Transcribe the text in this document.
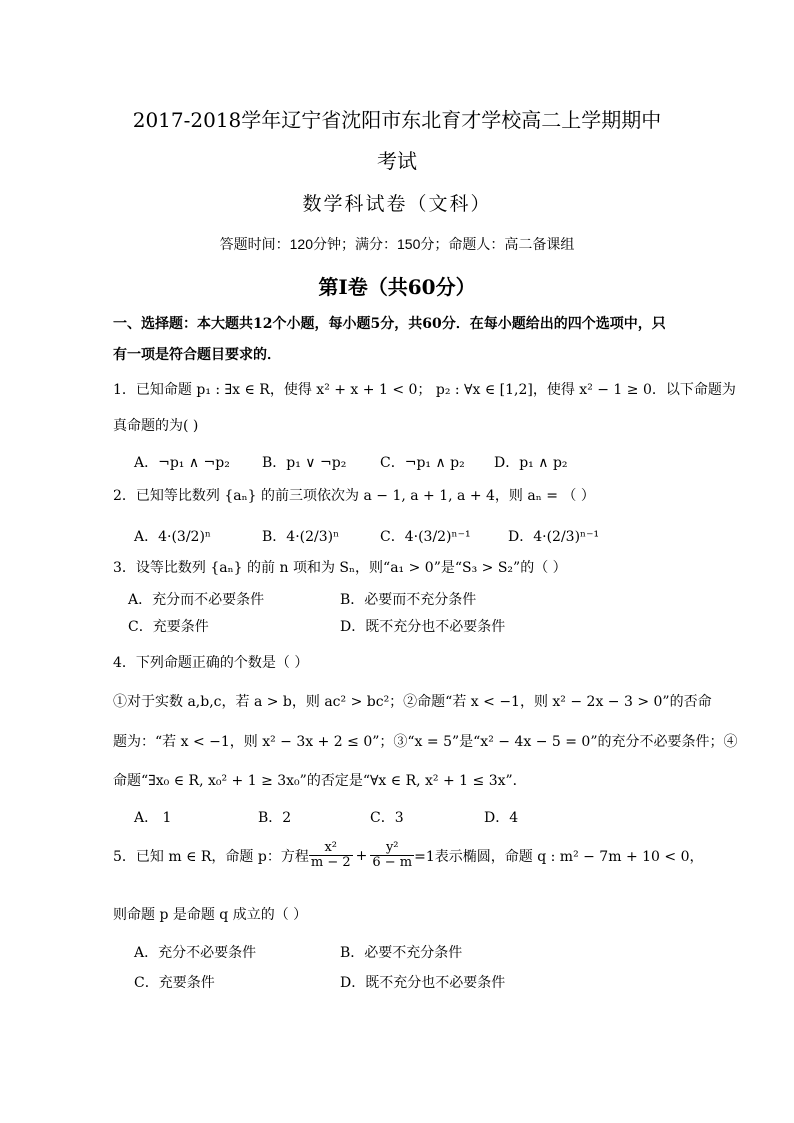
2017-2018学年辽宁省沈阳市东北育才学校高二上学期期中
考试
数学科试卷（文科）
答题时间：120分钟；满分：150分；命题人：高二备课组
第Ⅰ卷（共60分）
一、选择题：本大题共12个小题，每小题5分，共60分．在每小题给出的四个选项中，只
有一项是符合题目要求的．
1．已知命题 p₁ : ∃x ∈ R，使得 x² + x + 1 < 0； p₂ : ∀x ∈ [1,2]，使得 x² − 1 ≥ 0．以下命题为
真命题的为( )
A．¬p₁ ∧ ¬p₂ B．p₁ ∨ ¬p₂ C．¬p₁ ∧ p₂ D．p₁ ∧ p₂
2．已知等比数列 {aₙ} 的前三项依次为 a − 1, a + 1, a + 4，则 aₙ = （ ）
A．4·(3/2)ⁿ	B．4·(2/3)ⁿ	C．4·(3/2)ⁿ⁻¹	D．4·(2/3)ⁿ⁻¹
3．设等比数列 {aₙ} 的前 n 项和为 Sₙ，则“a₁ > 0”是“S₃ > S₂”的（ ）
A．充分而不必要条件	B．必要而不充分条件
C．充要条件	D．既不充分也不必要条件
4．下列命题正确的个数是（ ）
①对于实数 a,b,c，若 a > b，则 ac² > bc²；②命题“若 x < −1，则 x² − 2x − 3 > 0”的否命
题为：“若 x < −1，则 x² − 3x + 2 ≤ 0”；③“x = 5”是“x² − 4x − 5 = 0”的充分不必要条件；④
命题“∃x₀ ∈ R, x₀² + 1 ≥ 3x₀”的否定是“∀x ∈ R, x² + 1 ≤ 3x”．
A． 1	B．2	C．3	D．4
5．已知 m ∈ R，命题 p：方程 $\frac{\text{x²}}{m - 2} + \frac{\text{y²}}{6 - m} =1$表示椭圆，命题 q : m² − 7m + 10 < 0，
则命题 p 是命题 q 成立的（ ）
A．充分不必要条件	B．必要不充分条件
C．充要条件	D．既不充分也不必要条件
